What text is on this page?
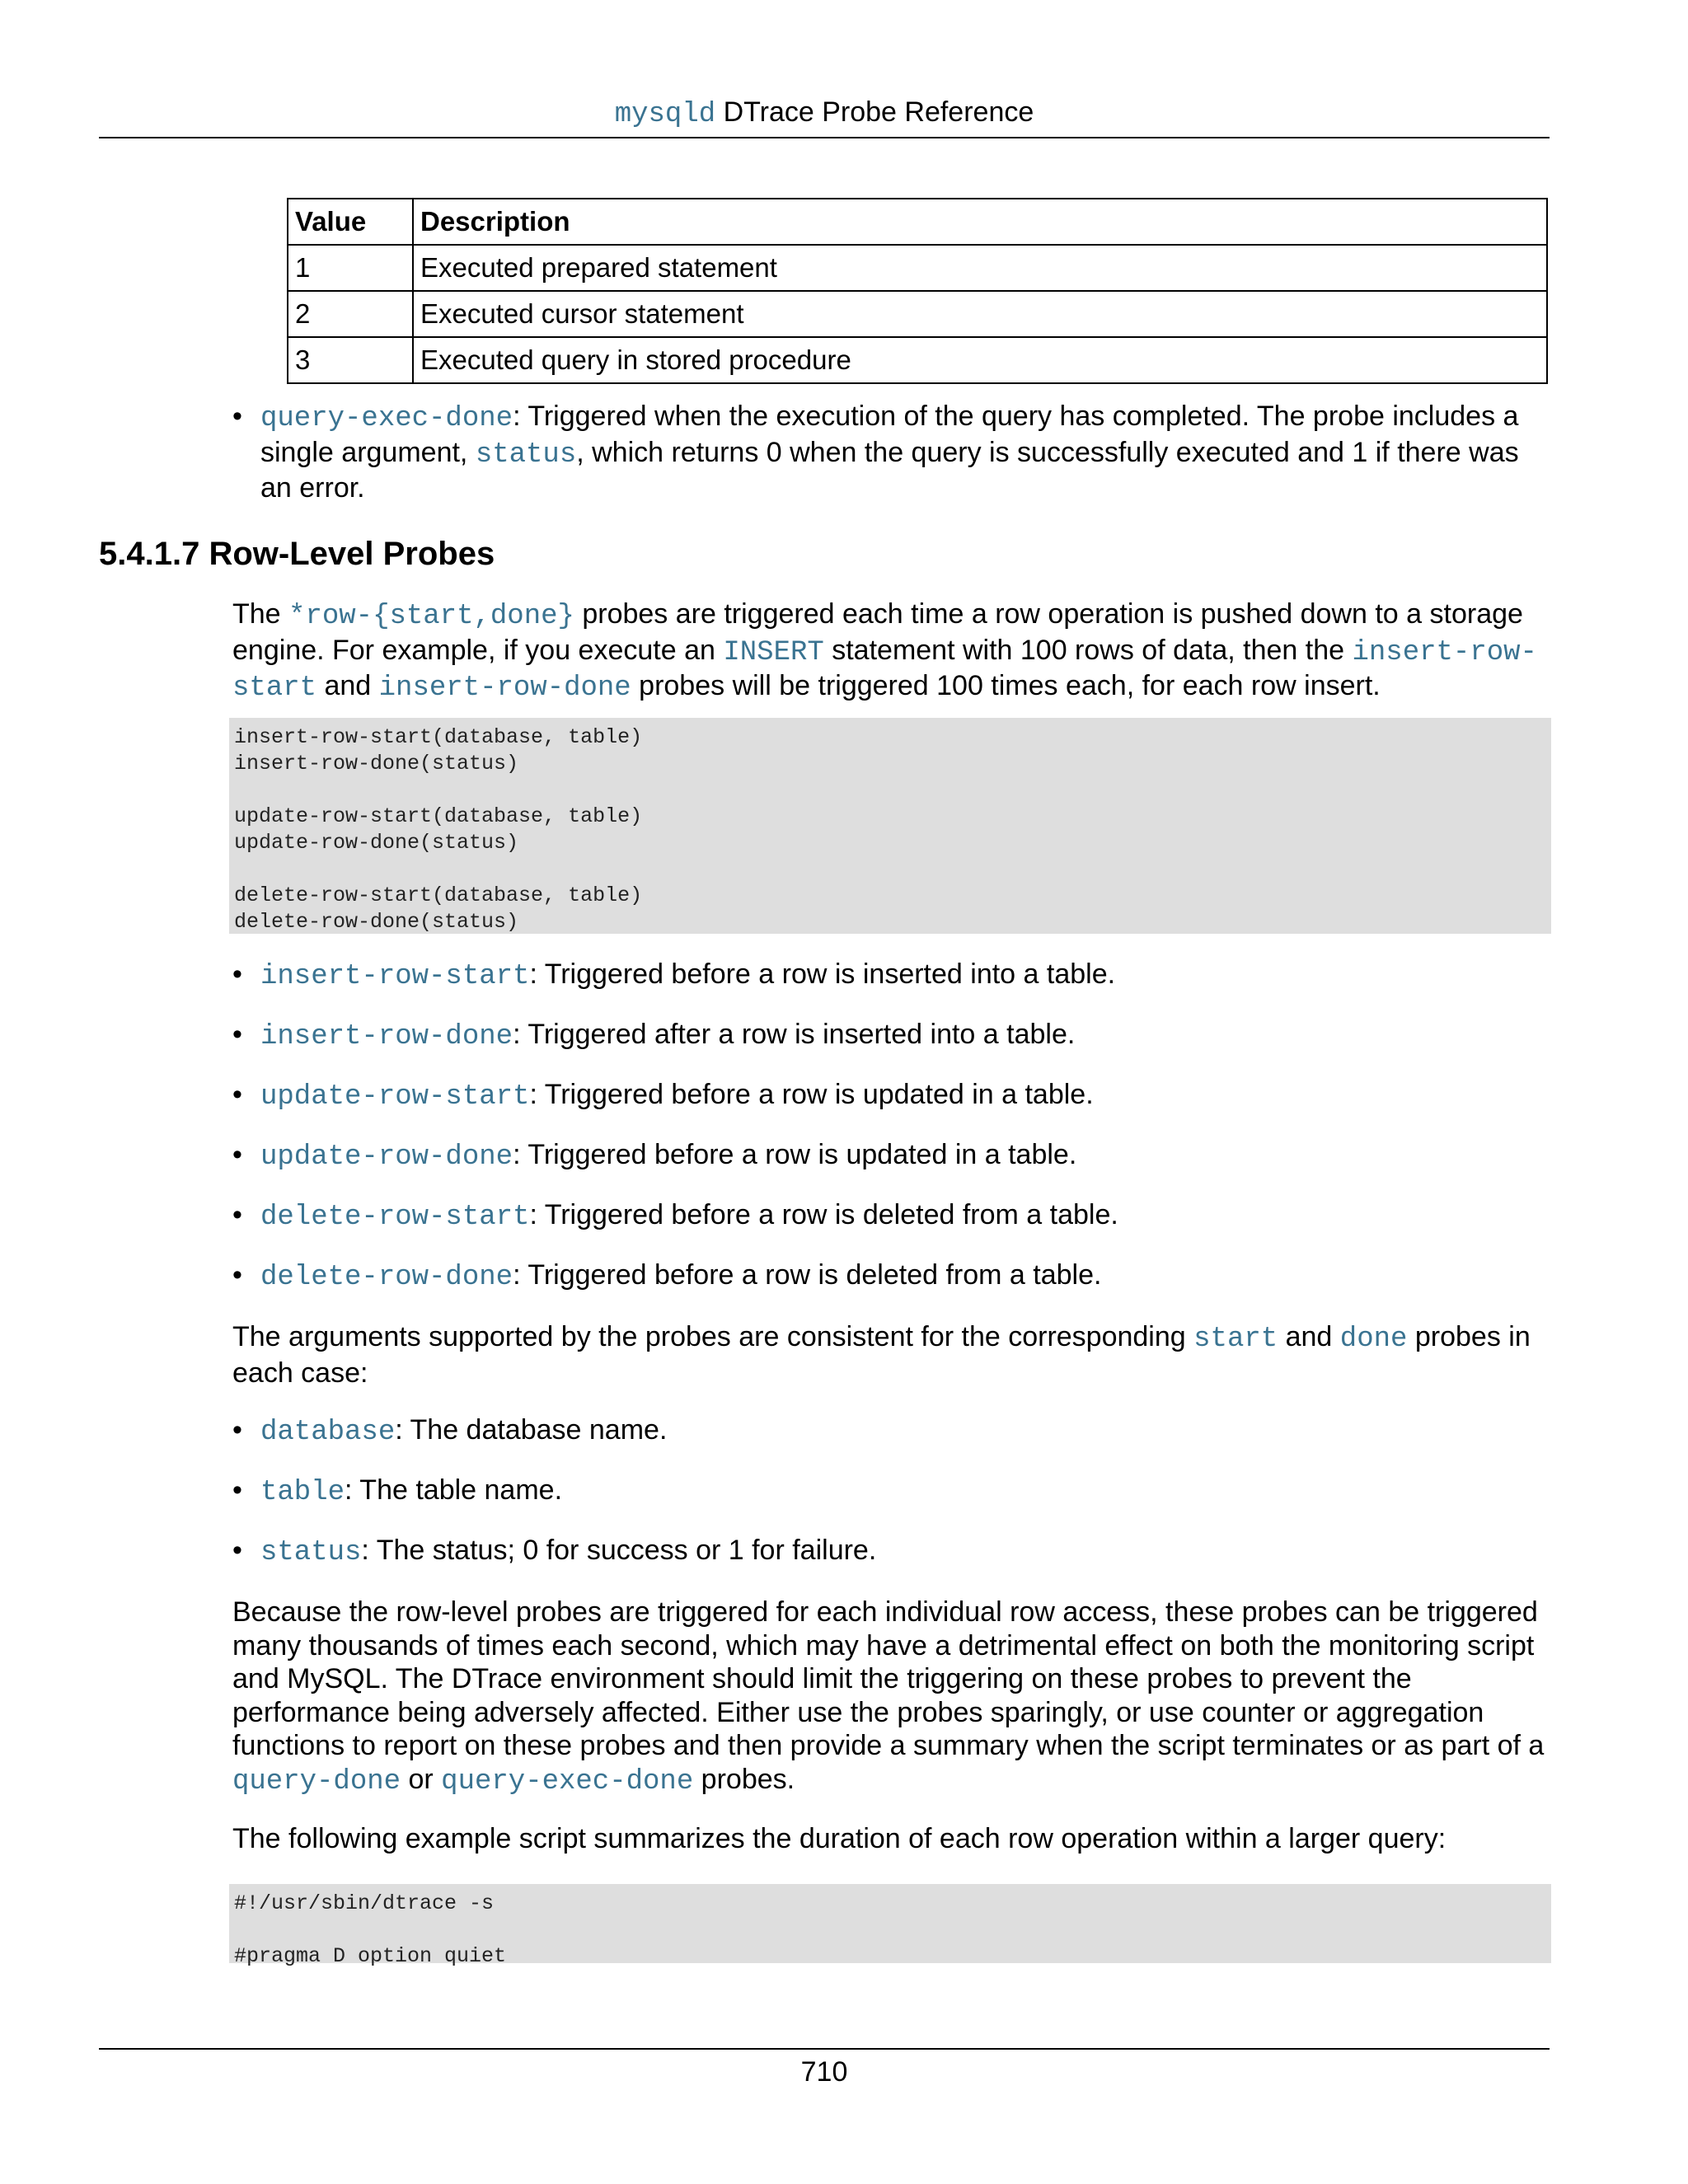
mysqld DTrace Probe Reference
Value	Description
1	Executed prepared statement
2	Executed cursor statement
3	Executed query in stored procedure
• query-exec-done: Triggered when the execution of the query has completed. The probe includes a single argument, status, which returns 0 when the query is successfully executed and 1 if there was an error.
5.4.1.7 Row-Level Probes
The *row-{start,done} probes are triggered each time a row operation is pushed down to a storage engine. For example, if you execute an INSERT statement with 100 rows of data, then the insert-row-start and insert-row-done probes will be triggered 100 times each, for each row insert.
insert-row-start(database, table)
insert-row-done(status)

update-row-start(database, table)
update-row-done(status)

delete-row-start(database, table)
delete-row-done(status)
• insert-row-start: Triggered before a row is inserted into a table.
• insert-row-done: Triggered after a row is inserted into a table.
• update-row-start: Triggered before a row is updated in a table.
• update-row-done: Triggered before a row is updated in a table.
• delete-row-start: Triggered before a row is deleted from a table.
• delete-row-done: Triggered before a row is deleted from a table.
The arguments supported by the probes are consistent for the corresponding start and done probes in each case:
• database: The database name.
• table: The table name.
• status: The status; 0 for success or 1 for failure.
Because the row-level probes are triggered for each individual row access, these probes can be triggered many thousands of times each second, which may have a detrimental effect on both the monitoring script and MySQL. The DTrace environment should limit the triggering on these probes to prevent the performance being adversely affected. Either use the probes sparingly, or use counter or aggregation functions to report on these probes and then provide a summary when the script terminates or as part of a query-done or query-exec-done probes.
The following example script summarizes the duration of each row operation within a larger query:
#!/usr/sbin/dtrace -s

#pragma D option quiet
710
